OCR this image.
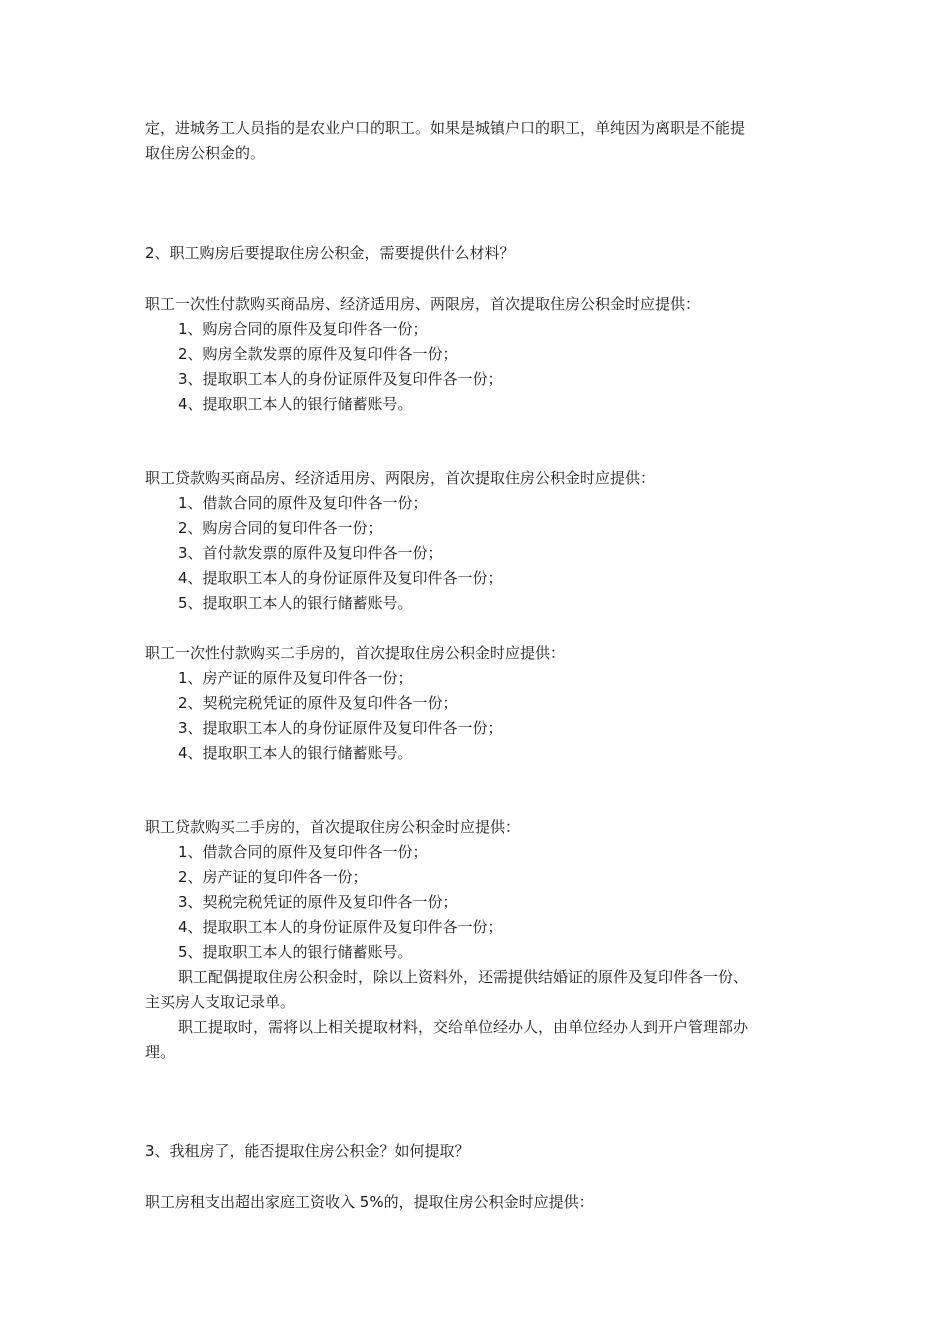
定，进城务工人员指的是农业户口的职工。如果是城镇户口的职工，单纯因为离职是不能提

取住房公积金的。

2、职工购房后要提取住房公积金，需要提供什么材料？

职工一次性付款购买商品房、经济适用房、两限房，首次提取住房公积金时应提供：

1、购房合同的原件及复印件各一份；

2、购房全款发票的原件及复印件各一份；

3、提取职工本人的身份证原件及复印件各一份；

4、提取职工本人的银行储蓄账号。

职工贷款购买商品房、经济适用房、两限房，首次提取住房公积金时应提供：

1、借款合同的原件及复印件各一份；

2、购房合同的复印件各一份；

3、首付款发票的原件及复印件各一份；

4、提取职工本人的身份证原件及复印件各一份；

5、提取职工本人的银行储蓄账号。

职工一次性付款购买二手房的，首次提取住房公积金时应提供：

1、房产证的原件及复印件各一份；

2、契税完税凭证的原件及复印件各一份；

3、提取职工本人的身份证原件及复印件各一份；

4、提取职工本人的银行储蓄账号。

职工贷款购买二手房的，首次提取住房公积金时应提供：

1、借款合同的原件及复印件各一份；

2、房产证的复印件各一份；

3、契税完税凭证的原件及复印件各一份；

4、提取职工本人的身份证原件及复印件各一份；

5、提取职工本人的银行储蓄账号。

职工配偶提取住房公积金时，除以上资料外，还需提供结婚证的原件及复印件各一份、

主买房人支取记录单。

职工提取时，需将以上相关提取材料，交给单位经办人，由单位经办人到开户管理部办

理。

3、我租房了，能否提取住房公积金？如何提取？

职工房租支出超出家庭工资收入 5%的，提取住房公积金时应提供：
